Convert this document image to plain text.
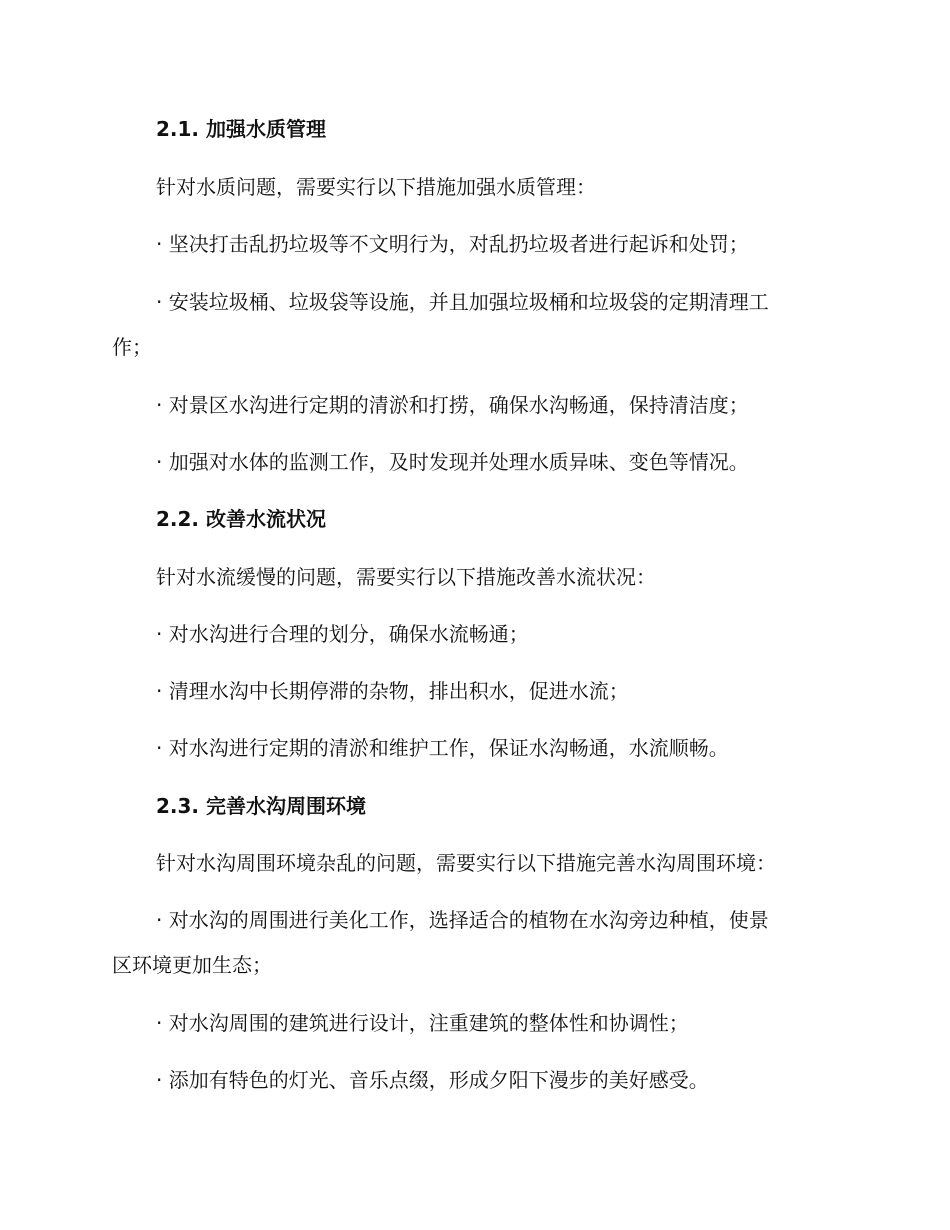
2.1. 加强水质管理
针对水质问题，需要实行以下措施加强水质管理：
· 坚决打击乱扔垃圾等不文明行为，对乱扔垃圾者进行起诉和处罚；
· 安装垃圾桶、垃圾袋等设施，并且加强垃圾桶和垃圾袋的定期清理工
作；
· 对景区水沟进行定期的清淤和打捞，确保水沟畅通，保持清洁度；
· 加强对水体的监测工作，及时发现并处理水质异味、变色等情况。
2.2. 改善水流状况
针对水流缓慢的问题，需要实行以下措施改善水流状况：
· 对水沟进行合理的划分，确保水流畅通；
· 清理水沟中长期停滞的杂物，排出积水，促进水流；
· 对水沟进行定期的清淤和维护工作，保证水沟畅通，水流顺畅。
2.3. 完善水沟周围环境
针对水沟周围环境杂乱的问题，需要实行以下措施完善水沟周围环境：
· 对水沟的周围进行美化工作，选择适合的植物在水沟旁边种植，使景
区环境更加生态；
· 对水沟周围的建筑进行设计，注重建筑的整体性和协调性；
· 添加有特色的灯光、音乐点缀，形成夕阳下漫步的美好感受。
